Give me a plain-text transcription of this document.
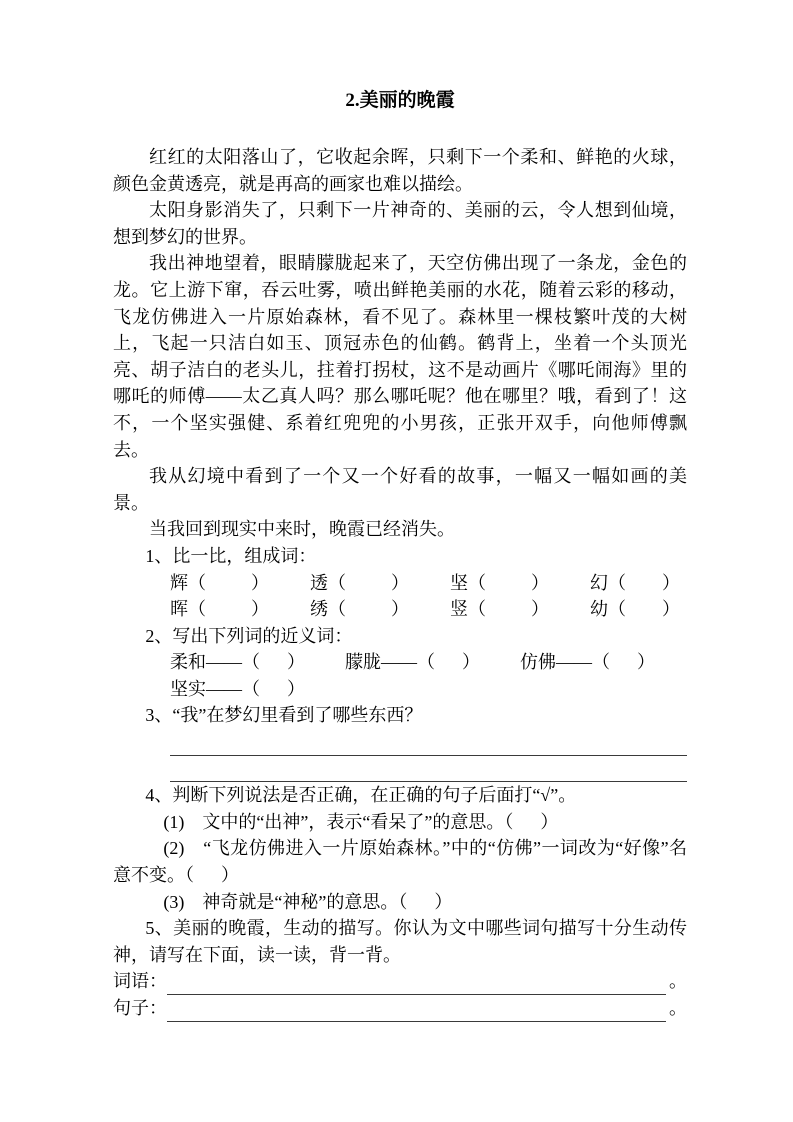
2.美丽的晚霞

红红的太阳落山了，它收起余晖，只剩下一个柔和、鲜艳的火球，颜色金黄透亮，就是再高的画家也难以描绘。

太阳身影消失了，只剩下一片神奇的、美丽的云，令人想到仙境，想到梦幻的世界。

我出神地望着，眼睛朦胧起来了，天空仿佛出现了一条龙，金色的龙。它上游下窜，吞云吐雾，喷出鲜艳美丽的水花，随着云彩的移动，飞龙仿佛进入一片原始森林，看不见了。森林里一棵枝繁叶茂的大树上，飞起一只洁白如玉、顶冠赤色的仙鹤。鹤背上，坐着一个头顶光亮、胡子洁白的老头儿，拄着打拐杖，这不是动画片《哪吒闹海》里的哪吒的师傅——太乙真人吗？那么哪吒呢？他在哪里？哦，看到了！这不，一个坚实强健、系着红兜兜的小男孩，正张开双手，向他师傅飘去。

我从幻境中看到了一个又一个好看的故事，一幅又一幅如画的美景。

当我回到现实中来时，晚霞已经消失。

1、比一比，组成词：

辉（          ）	透（          ）	坚（          ）	幻（        ）
晖（          ）	绣（          ）	竖（          ）	幼（        ）

2、写出下列词的近义词：

柔和——（      ）	朦胧——（      ）	仿佛——（      ）
坚实——（      ）

3、“我”在梦幻里看到了哪些东西？

4、判断下列说法是否正确，在正确的句子后面打“√”。

(1)　文中的“出神”，表示“看呆了”的意思。（      ）

(2)　“飞龙仿佛进入一片原始森林。”中的“仿佛”一词改为“好像”名意不变。（      ）

(3)　神奇就是“神秘”的意思。（      ）

5、美丽的晚霞，生动的描写。你认为文中哪些词句描写十分生动传神，请写在下面，读一读，背一背。

词语：	。
句子：	。
